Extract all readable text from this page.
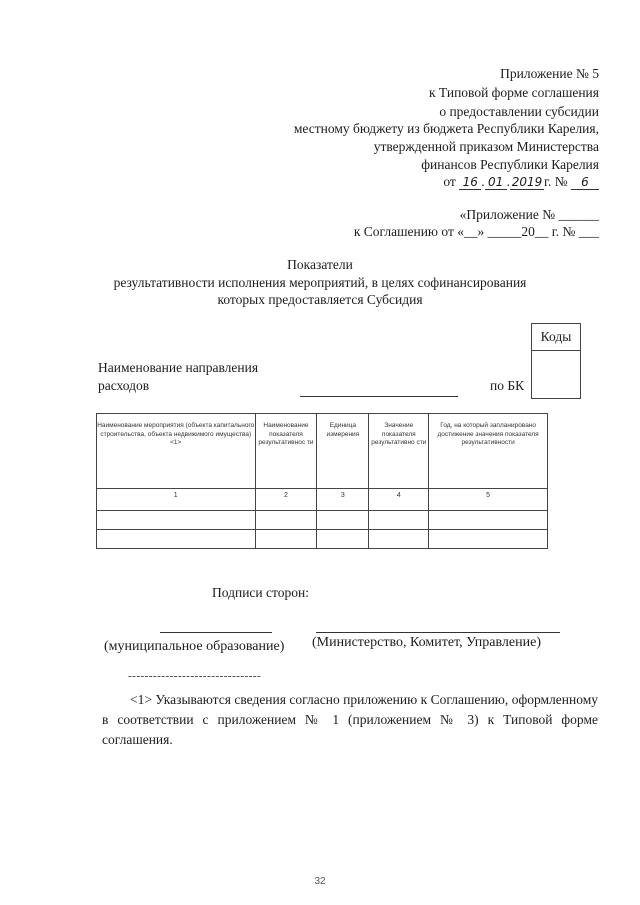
Приложение № 5
к Типовой форме соглашения
о предоставлении субсидии
местному бюджету из бюджета Республики Карелия,
утвержденной приказом Министерства
финансов Республики Карелия
от 16 . 01 . 2019 г. № 6
«Приложение № ______
к Соглашению от «__» _____20__ г. № ___
Показатели
результативности исполнения мероприятий, в целях софинансирования
которых предоставляется Субсидия
Коды
Наименование направления
расходов	по БК
Наименование мероприятия (объекта капитального строительства, объекта недвижимого имущества) <1>	Наименование показателя результативнос ти	Единица измерения	Значение показателя результативно сти	Год, на который запланировано достижение значения показателя результативности
1	2	3	4	5

Подписи сторон:
(муниципальное образование) (Министерство, Комитет, Управление)
--------------------------------
<1> Указываются сведения согласно приложению к Соглашению, оформленному в соответствии с приложением № 1 (приложением № 3) к Типовой форме соглашения.
32
